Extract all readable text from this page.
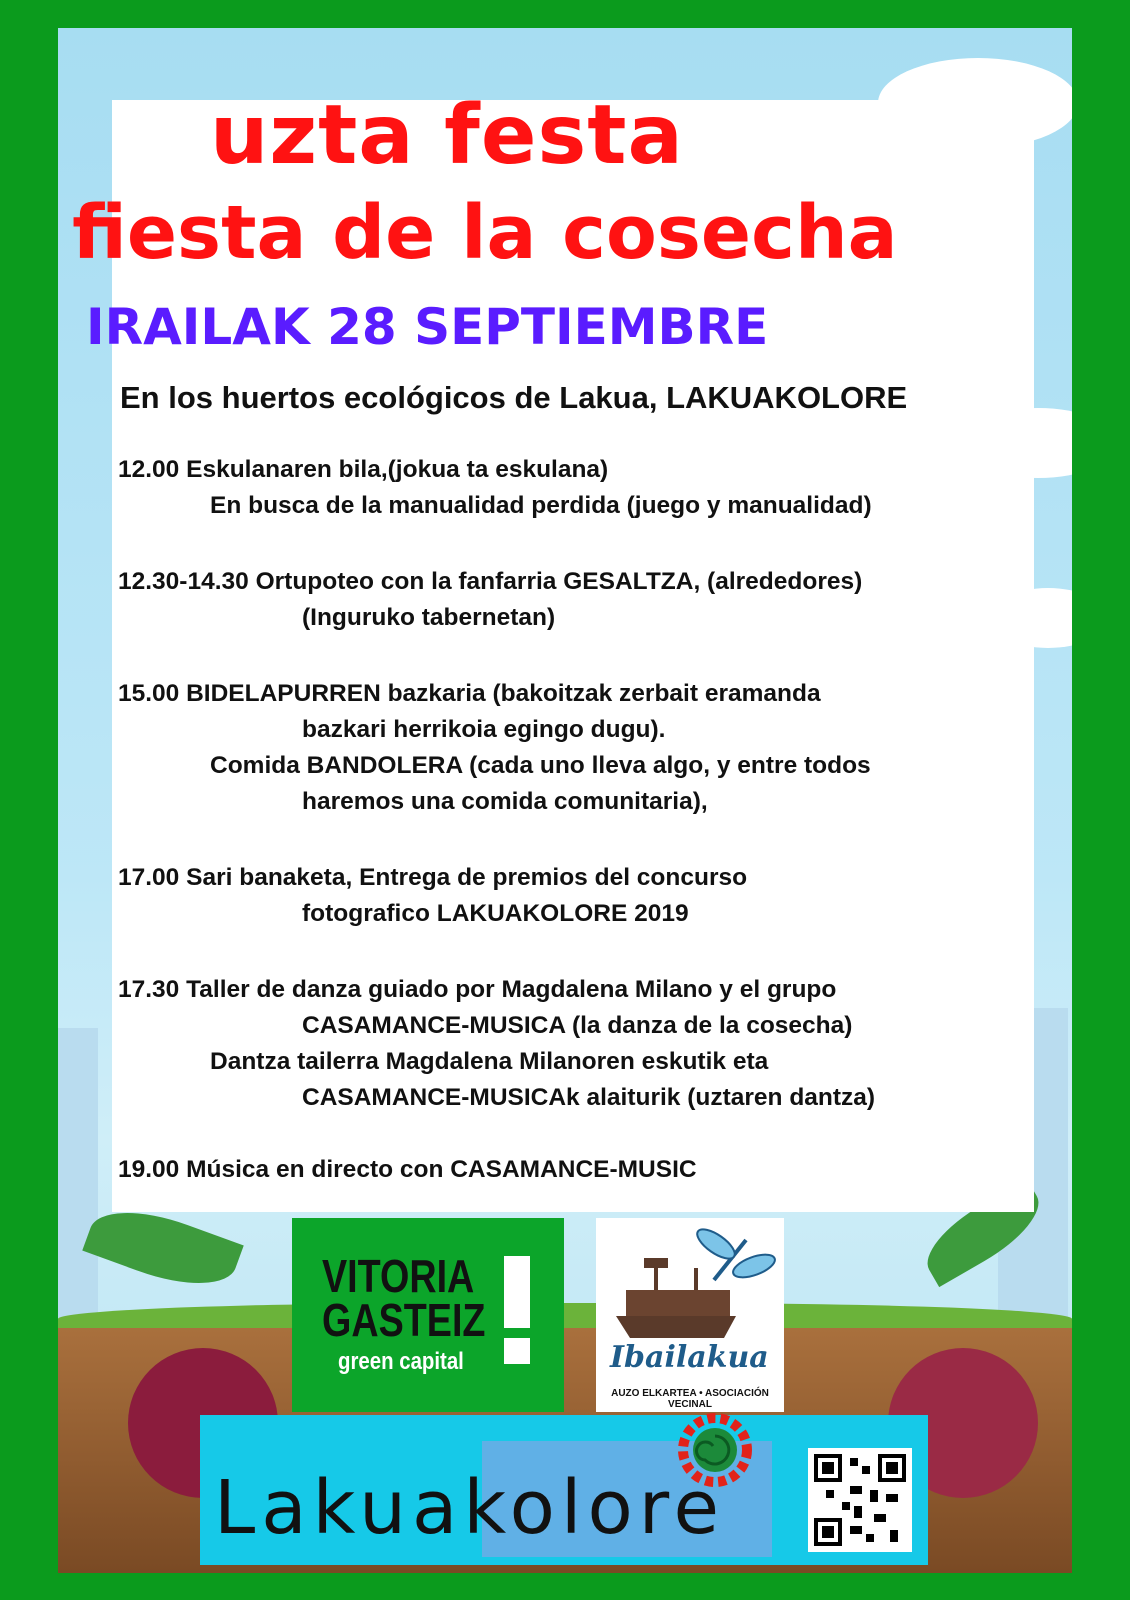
uzta festa
fiesta de la cosecha
IRAILAK 28 SEPTIEMBRE
En los huertos ecológicos de Lakua, LAKUAKOLORE
12.00 Eskulanaren bila,(jokua ta eskulana)
En busca de la manualidad perdida (juego y manualidad)
12.30-14.30 Ortupoteo con la fanfarria GESALTZA, (alrededores)
(Inguruko tabernetan)
15.00 BIDELAPURREN bazkaria (bakoitzak zerbait eramanda
bazkari herrikoia egingo dugu).
Comida BANDOLERA (cada uno lleva algo, y entre todos
haremos una comida comunitaria),
17.00 Sari banaketa, Entrega de premios del concurso
fotografico LAKUAKOLORE 2019
17.30 Taller de danza guiado por Magdalena Milano y el grupo
CASAMANCE-MUSICA (la danza de la cosecha)
Dantza tailerra Magdalena Milanoren eskutik eta
CASAMANCE-MUSICAk alaiturik (uztaren dantza)
19.00 Música en directo con CASAMANCE-MUSIC
VITORIA
GASTEIZ
green capital	Ibailakua
AUZO ELKARTEA • ASOCIACIÓN VECINAL
Lakuakolore
